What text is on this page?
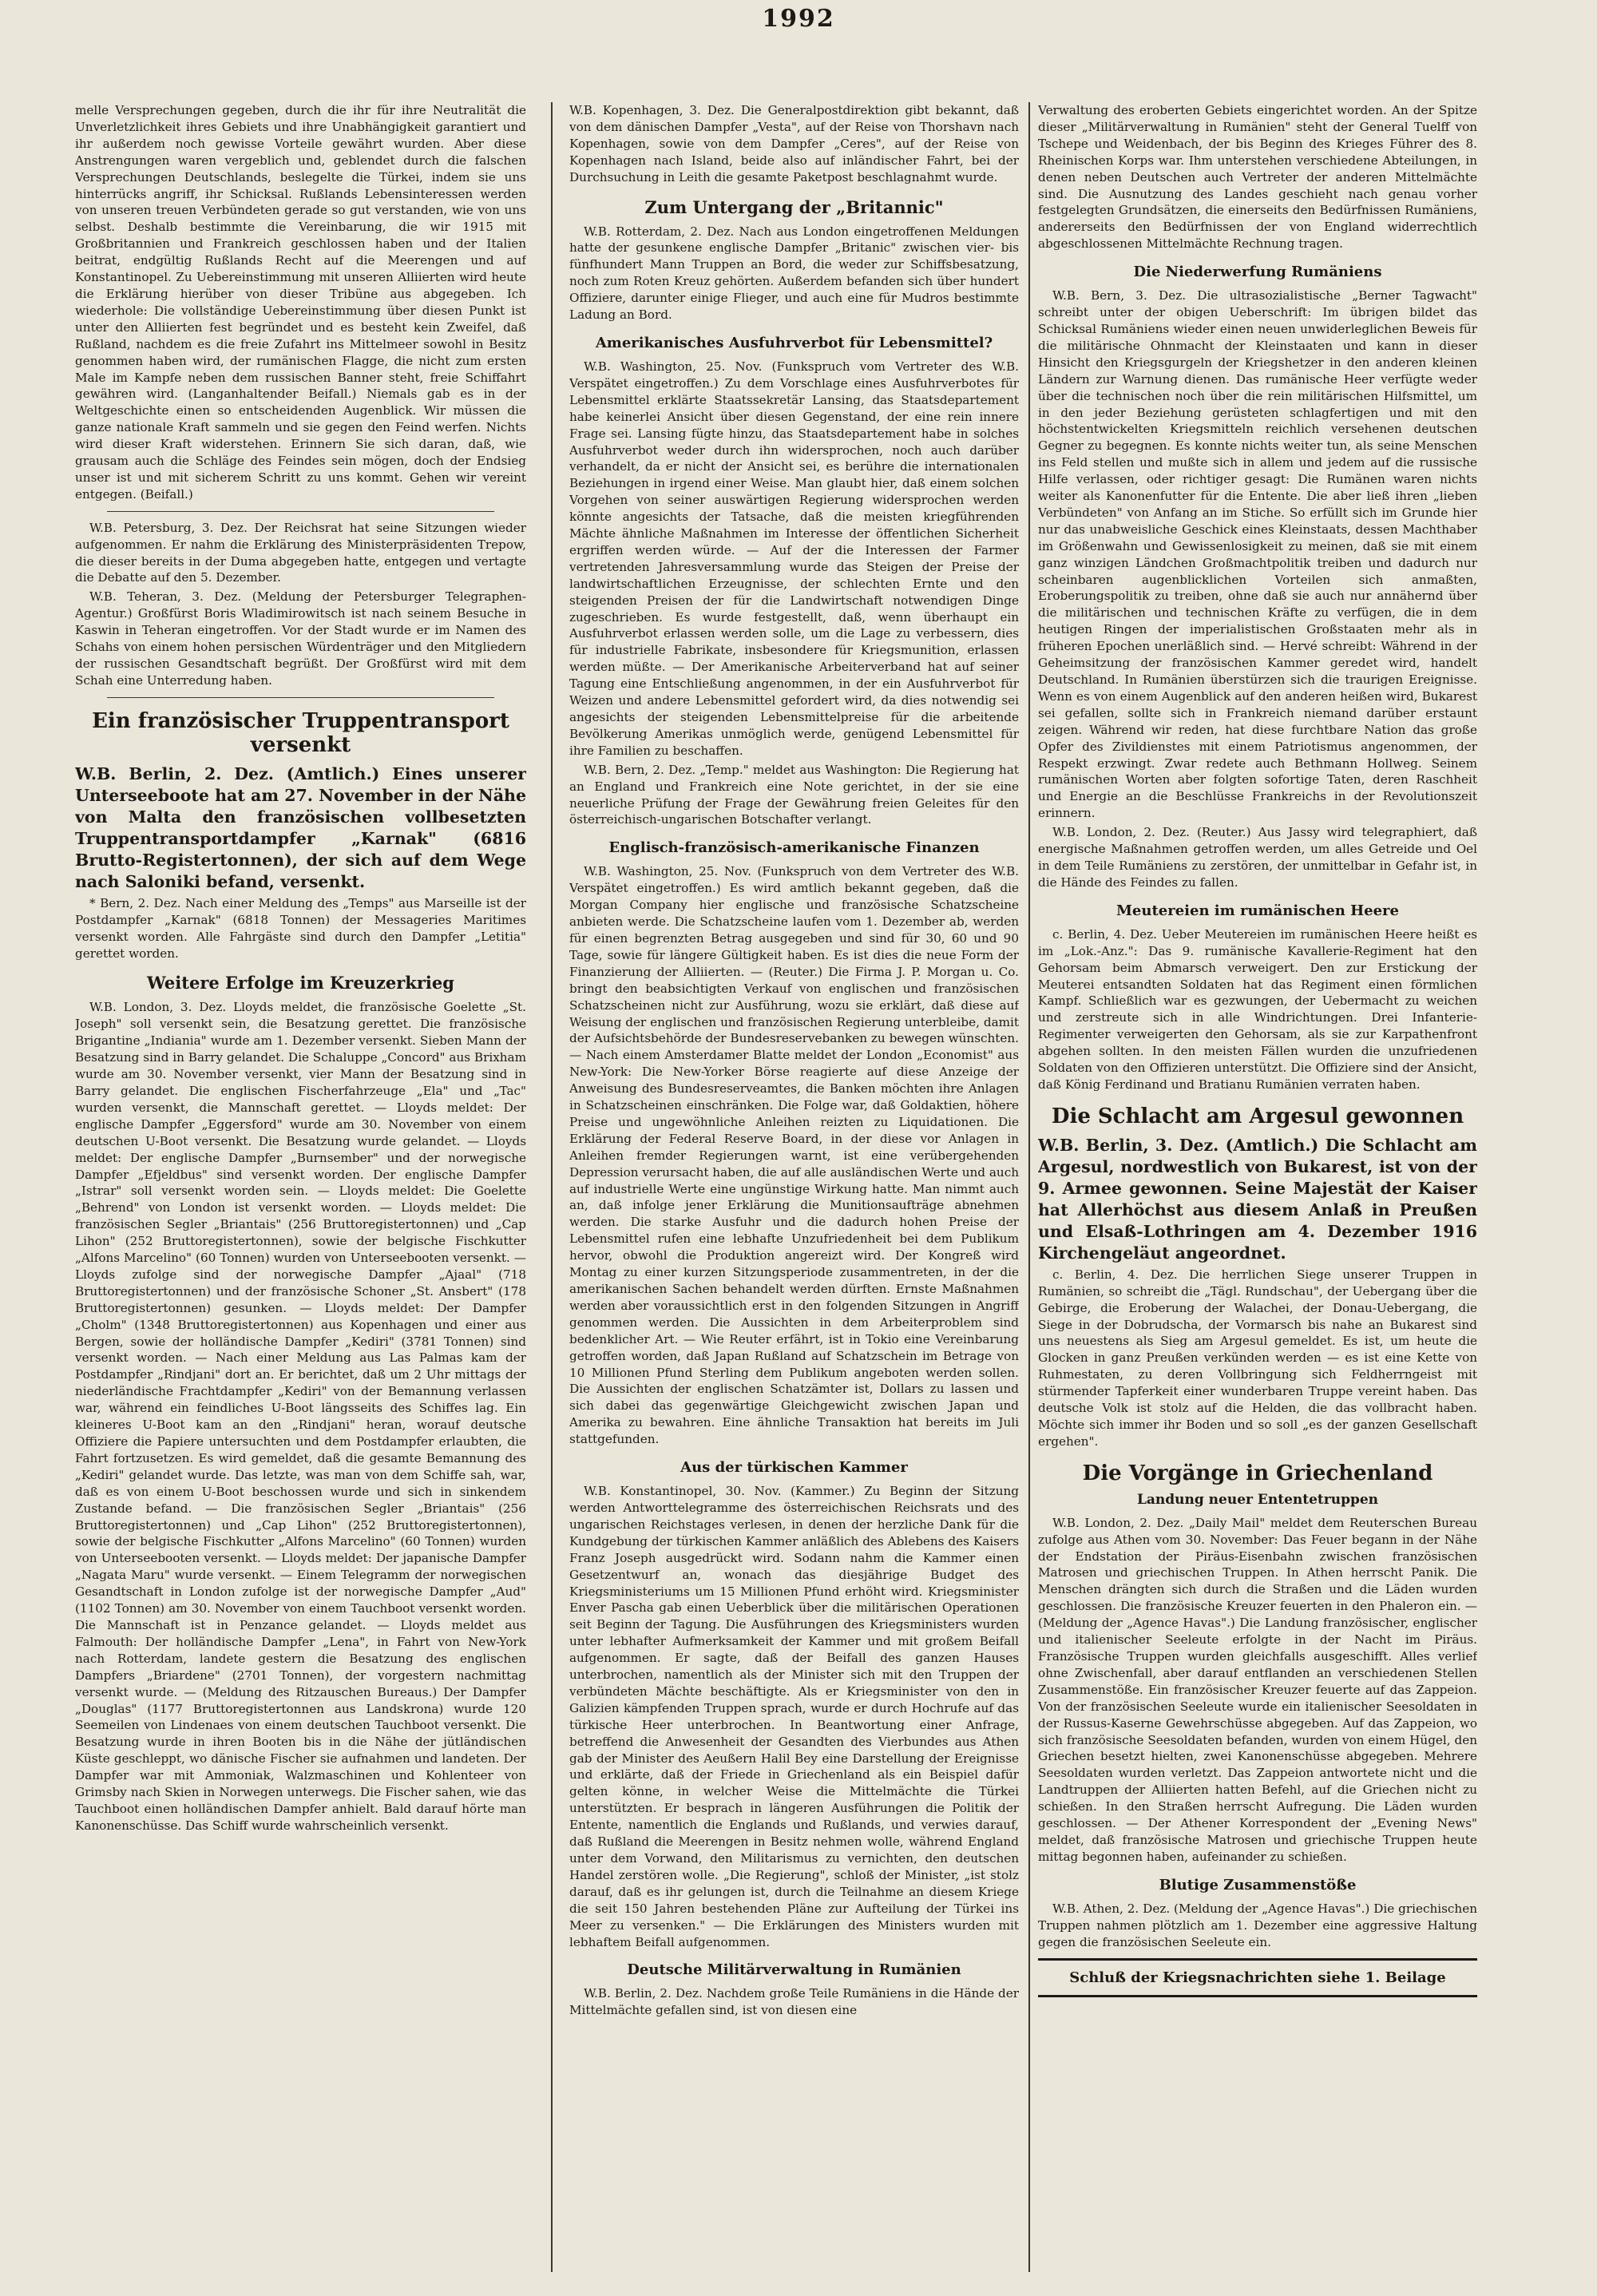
1992

melle Versprechungen gegeben, durch die ihr für ihre Neutralität die Unverletzlichkeit ihres Gebiets und ihre Unabhängigkeit garantiert und ihr außerdem noch gewisse Vorteile gewährt wurden. Aber diese Anstrengungen waren vergeblich und, geblendet durch die falschen Versprechungen Deutschlands, beslegelte die Türkei, indem sie uns hinterrücks angriff, ihr Schicksal. Rußlands Lebensinteressen werden von unseren treuen Verbündeten gerade so gut verstanden, wie von uns selbst. Deshalb bestimmte die Vereinbarung, die wir 1915 mit Großbritannien und Frankreich geschlossen haben und der Italien beitrat, endgültig Rußlands Recht auf die Meerengen und auf Konstantinopel. Zu Uebereinstimmung mit unseren Alliierten wird heute die Erklärung hierüber von dieser Tribüne aus abgegeben. Ich wiederhole: Die vollständige Uebereinstimmung über diesen Punkt ist unter den Alliierten fest begründet und es besteht kein Zweifel, daß Rußland, nachdem es die freie Zufahrt ins Mittelmeer sowohl in Besitz genommen haben wird, der rumänischen Flagge, die nicht zum ersten Male im Kampfe neben dem russischen Banner steht, freie Schiffahrt gewähren wird. (Langanhaltender Beifall.) Niemals gab es in der Weltgeschichte einen so entscheidenden Augenblick. Wir müssen die ganze nationale Kraft sammeln und sie gegen den Feind werfen. Nichts wird dieser Kraft widerstehen. Erinnern Sie sich daran, daß, wie grausam auch die Schläge des Feindes sein mögen, doch der Endsieg unser ist und mit sicherem Schritt zu uns kommt. Gehen wir vereint entgegen. (Beifall.)

W.B. Petersburg, 3. Dez. Der Reichsrat hat seine Sitzungen wieder aufgenommen. Er nahm die Erklärung des Ministerpräsidenten Trepow, die dieser bereits in der Duma abgegeben hatte, entgegen und vertagte die Debatte auf den 5. Dezember.

W.B. Teheran, 3. Dez. (Meldung der Petersburger Telegraphen-Agentur.) Großfürst Boris Wladimirowitsch ist nach seinem Besuche in Kaswin in Teheran eingetroffen. Vor der Stadt wurde er im Namen des Schahs von einem hohen persischen Würdenträger und den Mitgliedern der russischen Gesandtschaft begrüßt. Der Großfürst wird mit dem Schah eine Unterredung haben.

Ein französischer Truppentransport versenkt

W.B. Berlin, 2. Dez. (Amtlich.) Eines unserer Unterseeboote hat am 27. November in der Nähe von Malta den französischen vollbesetzten Truppentransportdampfer „Karnak" (6816 Brutto-Registertonnen), der sich auf dem Wege nach Saloniki befand, versenkt.

* Bern, 2. Dez. Nach einer Meldung des „Temps" aus Marseille ist der Postdampfer „Karnak" (6818 Tonnen) der Messageries Maritimes versenkt worden. Alle Fahrgäste sind durch den Dampfer „Letitia" gerettet worden.

Weitere Erfolge im Kreuzerkrieg

W.B. London, 3. Dez. Lloyds meldet, die französische Goelette „St. Joseph" soll versenkt sein, die Besatzung gerettet. Die französische Brigantine „Indiania" wurde am 1. Dezember versenkt. Sieben Mann der Besatzung sind in Barry gelandet. Die Schaluppe „Concord" aus Brixham wurde am 30. November versenkt, vier Mann der Besatzung sind in Barry gelandet. Die englischen Fischerfahrzeuge „Ela" und „Tac" wurden versenkt, die Mannschaft gerettet. — Lloyds meldet: Der englische Dampfer „Eggersford" wurde am 30. November von einem deutschen U-Boot versenkt. Die Besatzung wurde gelandet. — Lloyds meldet: Der englische Dampfer „Burnsember" und der norwegische Dampfer „Efjeldbus" sind versenkt worden. Der englische Dampfer „Istrar" soll versenkt worden sein. — Lloyds meldet: Die Goelette „Behrend" von London ist versenkt worden. — Lloyds meldet: Die französischen Segler „Briantais" (256 Bruttoregistertonnen) und „Cap Lihon" (252 Bruttoregistertonnen), sowie der belgische Fischkutter „Alfons Marcelino" (60 Tonnen) wurden von Unterseebooten versenkt. — Lloyds zufolge sind der norwegische Dampfer „Ajaal" (718 Bruttoregistertonnen) und der französische Schoner „St. Ansbert" (178 Bruttoregistertonnen) gesunken. — Lloyds meldet: Der Dampfer „Cholm" (1348 Bruttoregistertonnen) aus Kopenhagen und einer aus Bergen, sowie der holländische Dampfer „Kediri" (3781 Tonnen) sind versenkt worden. — Nach einer Meldung aus Las Palmas kam der Postdampfer „Rindjani" dort an. Er berichtet, daß um 2 Uhr mittags der niederländische Frachtdampfer „Kediri" von der Bemannung verlassen war, während ein feindliches U-Boot längsseits des Schiffes lag. Ein kleineres U-Boot kam an den „Rindjani" heran, worauf deutsche Offiziere die Papiere untersuchten und dem Postdampfer erlaubten, die Fahrt fortzusetzen. Es wird gemeldet, daß die gesamte Bemannung des „Kediri" gelandet wurde. Das letzte, was man von dem Schiffe sah, war, daß es von einem U-Boot beschossen wurde und sich in sinkendem Zustande befand. — Die französischen Segler „Briantais" (256 Bruttoregistertonnen) und „Cap Lihon" (252 Bruttoregistertonnen), sowie der belgische Fischkutter „Alfons Marcelino" (60 Tonnen) wurden von Unterseebooten versenkt. — Lloyds meldet: Der japanische Dampfer „Nagata Maru" wurde versenkt. — Einem Telegramm der norwegischen Gesandtschaft in London zufolge ist der norwegische Dampfer „Aud" (1102 Tonnen) am 30. November von einem Tauchboot versenkt worden. Die Mannschaft ist in Penzance gelandet. — Lloyds meldet aus Falmouth: Der holländische Dampfer „Lena", in Fahrt von New-York nach Rotterdam, landete gestern die Besatzung des englischen Dampfers „Briardene" (2701 Tonnen), der vorgestern nachmittag versenkt wurde. — (Meldung des Ritzauschen Bureaus.) Der Dampfer „Douglas" (1177 Bruttoregistertonnen aus Landskrona) wurde 120 Seemeilen von Lindenaes von einem deutschen Tauchboot versenkt. Die Besatzung wurde in ihren Booten bis in die Nähe der jütländischen Küste geschleppt, wo dänische Fischer sie aufnahmen und landeten. Der Dampfer war mit Ammoniak, Walzmaschinen und Kohlenteer von Grimsby nach Skien in Norwegen unterwegs. Die Fischer sahen, wie das Tauchboot einen holländischen Dampfer anhielt. Bald darauf hörte man Kanonenschüsse. Das Schiff wurde wahrscheinlich versenkt.

W.B. Kopenhagen, 3. Dez. Die Generalpostdirektion gibt bekannt, daß von dem dänischen Dampfer „Vesta", auf der Reise von Thorshavn nach Kopenhagen, sowie von dem Dampfer „Ceres", auf der Reise von Kopenhagen nach Island, beide also auf inländischer Fahrt, bei der Durchsuchung in Leith die gesamte Paketpost beschlagnahmt wurde.

Zum Untergang der „Britannic"

W.B. Rotterdam, 2. Dez. Nach aus London eingetroffenen Meldungen hatte der gesunkene englische Dampfer „Britanic" zwischen vier- bis fünfhundert Mann Truppen an Bord, die weder zur Schiffsbesatzung, noch zum Roten Kreuz gehörten. Außerdem befanden sich über hundert Offiziere, darunter einige Flieger, und auch eine für Mudros bestimmte Ladung an Bord.

Amerikanisches Ausfuhrverbot für Lebensmittel?

W.B. Washington, 25. Nov. (Funkspruch vom Vertreter des W.B. Verspätet eingetroffen.) Zu dem Vorschlage eines Ausfuhrverbotes für Lebensmittel erklärte Staatssekretär Lansing, das Staatsdepartement habe keinerlei Ansicht über diesen Gegenstand, der eine rein innere Frage sei. Lansing fügte hinzu, das Staatsdepartement habe in solches Ausfuhrverbot weder durch ihn widersprochen, noch auch darüber verhandelt, da er nicht der Ansicht sei, es berühre die internationalen Beziehungen in irgend einer Weise. Man glaubt hier, daß einem solchen Vorgehen von seiner auswärtigen Regierung widersprochen werden könnte angesichts der Tatsache, daß die meisten kriegführenden Mächte ähnliche Maßnahmen im Interesse der öffentlichen Sicherheit ergriffen werden würde. — Auf der die Interessen der Farmer vertretenden Jahresversammlung wurde das Steigen der Preise der landwirtschaftlichen Erzeugnisse, der schlechten Ernte und den steigenden Preisen der für die Landwirtschaft notwendigen Dinge zugeschrieben. Es wurde festgestellt, daß, wenn überhaupt ein Ausfuhrverbot erlassen werden solle, um die Lage zu verbessern, dies für industrielle Fabrikate, insbesondere für Kriegsmunition, erlassen werden müßte. — Der Amerikanische Arbeiterverband hat auf seiner Tagung eine Entschließung angenommen, in der ein Ausfuhrverbot für Weizen und andere Lebensmittel gefordert wird, da dies notwendig sei angesichts der steigenden Lebensmittelpreise für die arbeitende Bevölkerung Amerikas unmöglich werde, genügend Lebensmittel für ihre Familien zu beschaffen.

W.B. Bern, 2. Dez. „Temp." meldet aus Washington: Die Regierung hat an England und Frankreich eine Note gerichtet, in der sie eine neuerliche Prüfung der Frage der Gewährung freien Geleites für den österreichisch-ungarischen Botschafter verlangt.

Englisch-französisch-amerikanische Finanzen

W.B. Washington, 25. Nov. (Funkspruch von dem Vertreter des W.B. Verspätet eingetroffen.) Es wird amtlich bekannt gegeben, daß die Morgan Company hier englische und französische Schatzscheine anbieten werde. Die Schatzscheine laufen vom 1. Dezember ab, werden für einen begrenzten Betrag ausgegeben und sind für 30, 60 und 90 Tage, sowie für längere Gültigkeit haben. Es ist dies die neue Form der Finanzierung der Alliierten. — (Reuter.) Die Firma J. P. Morgan u. Co. bringt den beabsichtigten Verkauf von englischen und französischen Schatzscheinen nicht zur Ausführung, wozu sie erklärt, daß diese auf Weisung der englischen und französischen Regierung unterbleibe, damit der Aufsichtsbehörde der Bundesreservebanken zu bewegen wünschten. — Nach einem Amsterdamer Blatte meldet der London „Economist" aus New-York: Die New-Yorker Börse reagierte auf diese Anzeige der Anweisung des Bundesreserveamtes, die Banken möchten ihre Anlagen in Schatzscheinen einschränken. Die Folge war, daß Goldaktien, höhere Preise und ungewöhnliche Anleihen reizten zu Liquidationen. Die Erklärung der Federal Reserve Board, in der diese vor Anlagen in Anleihen fremder Regierungen warnt, ist eine verübergehenden Depression verursacht haben, die auf alle ausländischen Werte und auch auf industrielle Werte eine ungünstige Wirkung hatte. Man nimmt auch an, daß infolge jener Erklärung die Munitionsaufträge abnehmen werden. Die starke Ausfuhr und die dadurch hohen Preise der Lebensmittel rufen eine lebhafte Unzufriedenheit bei dem Publikum hervor, obwohl die Produktion angereizt wird. Der Kongreß wird Montag zu einer kurzen Sitzungsperiode zusammentreten, in der die amerikanischen Sachen behandelt werden dürften. Ernste Maßnahmen werden aber voraussichtlich erst in den folgenden Sitzungen in Angriff genommen werden. Die Aussichten in dem Arbeiterproblem sind bedenklicher Art. — Wie Reuter erfährt, ist in Tokio eine Vereinbarung getroffen worden, daß Japan Rußland auf Schatzschein im Betrage von 10 Millionen Pfund Sterling dem Publikum angeboten werden sollen. Die Aussichten der englischen Schatzämter ist, Dollars zu lassen und sich dabei das gegenwärtige Gleichgewicht zwischen Japan und Amerika zu bewahren. Eine ähnliche Transaktion hat bereits im Juli stattgefunden.

Aus der türkischen Kammer

W.B. Konstantinopel, 30. Nov. (Kammer.) Zu Beginn der Sitzung werden Antworttelegramme des österreichischen Reichsrats und des ungarischen Reichstages verlesen, in denen der herzliche Dank für die Kundgebung der türkischen Kammer anläßlich des Ablebens des Kaisers Franz Joseph ausgedrückt wird. Sodann nahm die Kammer einen Gesetzentwurf an, wonach das diesjährige Budget des Kriegsministeriums um 15 Millionen Pfund erhöht wird. Kriegsminister Enver Pascha gab einen Ueberblick über die militärischen Operationen seit Beginn der Tagung. Die Ausführungen des Kriegsministers wurden unter lebhafter Aufmerksamkeit der Kammer und mit großem Beifall aufgenommen. Er sagte, daß der Beifall des ganzen Hauses unterbrochen, namentlich als der Minister sich mit den Truppen der verbündeten Mächte beschäftigte. Als er Kriegsminister von den in Galizien kämpfenden Truppen sprach, wurde er durch Hochrufe auf das türkische Heer unterbrochen. In Beantwortung einer Anfrage, betreffend die Anwesenheit der Gesandten des Vierbundes aus Athen gab der Minister des Aeußern Halil Bey eine Darstellung der Ereignisse und erklärte, daß der Friede in Griechenland als ein Beispiel dafür gelten könne, in welcher Weise die Mittelmächte die Türkei unterstützten. Er besprach in längeren Ausführungen die Politik der Entente, namentlich die Englands und Rußlands, und verwies darauf, daß Rußland die Meerengen in Besitz nehmen wolle, während England unter dem Vorwand, den Militarismus zu vernichten, den deutschen Handel zerstören wolle. „Die Regierung", schloß der Minister, „ist stolz darauf, daß es ihr gelungen ist, durch die Teilnahme an diesem Kriege die seit 150 Jahren bestehenden Pläne zur Aufteilung der Türkei ins Meer zu versenken." — Die Erklärungen des Ministers wurden mit lebhaftem Beifall aufgenommen.

Deutsche Militärverwaltung in Rumänien

W.B. Berlin, 2. Dez. Nachdem große Teile Rumäniens in die Hände der Mittelmächte gefallen sind, ist von diesen eine

Verwaltung des eroberten Gebiets eingerichtet worden. An der Spitze dieser „Militärverwaltung in Rumänien" steht der General Tuelff von Tschepe und Weidenbach, der bis Beginn des Krieges Führer des 8. Rheinischen Korps war. Ihm unterstehen verschiedene Abteilungen, in denen neben Deutschen auch Vertreter der anderen Mittelmächte sind. Die Ausnutzung des Landes geschieht nach genau vorher festgelegten Grundsätzen, die einerseits den Bedürfnissen Rumäniens, andererseits den Bedürfnissen der von England widerrechtlich abgeschlossenen Mittelmächte Rechnung tragen.

Die Niederwerfung Rumäniens

W.B. Bern, 3. Dez. Die ultrasozialistische „Berner Tagwacht" schreibt unter der obigen Ueberschrift: Im übrigen bildet das Schicksal Rumäniens wieder einen neuen unwiderleglichen Beweis für die militärische Ohnmacht der Kleinstaaten und kann in dieser Hinsicht den Kriegsgurgeln der Kriegshetzer in den anderen kleinen Ländern zur Warnung dienen. Das rumänische Heer verfügte weder über die technischen noch über die rein militärischen Hilfsmittel, um in den jeder Beziehung gerüsteten schlagfertigen und mit den höchstentwickelten Kriegsmitteln reichlich versehenen deutschen Gegner zu begegnen. Es konnte nichts weiter tun, als seine Menschen ins Feld stellen und mußte sich in allem und jedem auf die russische Hilfe verlassen, oder richtiger gesagt: Die Rumänen waren nichts weiter als Kanonenfutter für die Entente. Die aber ließ ihren „lieben Verbündeten" von Anfang an im Stiche. So erfüllt sich im Grunde hier nur das unabweisliche Geschick eines Kleinstaats, dessen Machthaber im Größenwahn und Gewissenlosigkeit zu meinen, daß sie mit einem ganz winzigen Ländchen Großmachtpolitik treiben und dadurch nur scheinbaren augenblicklichen Vorteilen sich anmaßten, Eroberungspolitik zu treiben, ohne daß sie auch nur annähernd über die militärischen und technischen Kräfte zu verfügen, die in dem heutigen Ringen der imperialistischen Großstaaten mehr als in früheren Epochen unerläßlich sind. — Hervé schreibt: Während in der Geheimsitzung der französischen Kammer geredet wird, handelt Deutschland. In Rumänien überstürzen sich die traurigen Ereignisse. Wenn es von einem Augenblick auf den anderen heißen wird, Bukarest sei gefallen, sollte sich in Frankreich niemand darüber erstaunt zeigen. Während wir reden, hat diese furchtbare Nation das große Opfer des Zivildienstes mit einem Patriotismus angenommen, der Respekt erzwingt. Zwar redete auch Bethmann Hollweg. Seinem rumänischen Worten aber folgten sofortige Taten, deren Raschheit und Energie an die Beschlüsse Frankreichs in der Revolutionszeit erinnern.

W.B. London, 2. Dez. (Reuter.) Aus Jassy wird telegraphiert, daß energische Maßnahmen getroffen werden, um alles Getreide und Oel in dem Teile Rumäniens zu zerstören, der unmittelbar in Gefahr ist, in die Hände des Feindes zu fallen.

Meutereien im rumänischen Heere

c. Berlin, 4. Dez. Ueber Meutereien im rumänischen Heere heißt es im „Lok.-Anz.": Das 9. rumänische Kavallerie-Regiment hat den Gehorsam beim Abmarsch verweigert. Den zur Erstickung der Meuterei entsandten Soldaten hat das Regiment einen förmlichen Kampf. Schließlich war es gezwungen, der Uebermacht zu weichen und zerstreute sich in alle Windrichtungen. Drei Infanterie-Regimenter verweigerten den Gehorsam, als sie zur Karpathenfront abgehen sollten. In den meisten Fällen wurden die unzufriedenen Soldaten von den Offizieren unterstützt. Die Offiziere sind der Ansicht, daß König Ferdinand und Bratianu Rumänien verraten haben.

Die Schlacht am Argesul gewonnen

W.B. Berlin, 3. Dez. (Amtlich.) Die Schlacht am Argesul, nordwestlich von Bukarest, ist von der 9. Armee gewonnen. Seine Majestät der Kaiser hat Allerhöchst aus diesem Anlaß in Preußen und Elsaß-Lothringen am 4. Dezember 1916 Kirchengeläut angeordnet.

c. Berlin, 4. Dez. Die herrlichen Siege unserer Truppen in Rumänien, so schreibt die „Tägl. Rundschau", der Uebergang über die Gebirge, die Eroberung der Walachei, der Donau-Uebergang, die Siege in der Dobrudscha, der Vormarsch bis nahe an Bukarest sind uns neuestens als Sieg am Argesul gemeldet. Es ist, um heute die Glocken in ganz Preußen verkünden werden — es ist eine Kette von Ruhmestaten, zu deren Vollbringung sich Feldherrngeist mit stürmender Tapferkeit einer wunderbaren Truppe vereint haben. Das deutsche Volk ist stolz auf die Helden, die das vollbracht haben. Möchte sich immer ihr Boden und so soll „es der ganzen Gesellschaft ergehen".

Die Vorgänge in Griechenland
Landung neuer Ententetruppen

W.B. London, 2. Dez. „Daily Mail" meldet dem Reuterschen Bureau zufolge aus Athen vom 30. November: Das Feuer begann in der Nähe der Endstation der Piräus-Eisenbahn zwischen französischen Matrosen und griechischen Truppen. In Athen herrscht Panik. Die Menschen drängten sich durch die Straßen und die Läden wurden geschlossen. Die französische Kreuzer feuerten in den Phaleron ein. — (Meldung der „Agence Havas".) Die Landung französischer, englischer und italienischer Seeleute erfolgte in der Nacht im Piräus. Französische Truppen wurden gleichfalls ausgeschifft. Alles verlief ohne Zwischenfall, aber darauf entflanden an verschiedenen Stellen Zusammenstöße. Ein französischer Kreuzer feuerte auf das Zappeion. Von der französischen Seeleute wurde ein italienischer Seesoldaten in der Russus-Kaserne Gewehrschüsse abgegeben. Auf das Zappeion, wo sich französische Seesoldaten befanden, wurden von einem Hügel, den Griechen besetzt hielten, zwei Kanonenschüsse abgegeben. Mehrere Seesoldaten wurden verletzt. Das Zappeion antwortete nicht und die Landtruppen der Alliierten hatten Befehl, auf die Griechen nicht zu schießen. In den Straßen herrscht Aufregung. Die Läden wurden geschlossen. — Der Athener Korrespondent der „Evening News" meldet, daß französische Matrosen und griechische Truppen heute mittag begonnen haben, aufeinander zu schießen.

Blutige Zusammenstöße

W.B. Athen, 2. Dez. (Meldung der „Agence Havas".) Die griechischen Truppen nahmen plötzlich am 1. Dezember eine aggressive Haltung gegen die französischen Seeleute ein.

Schluß der Kriegsnachrichten siehe 1. Beilage
